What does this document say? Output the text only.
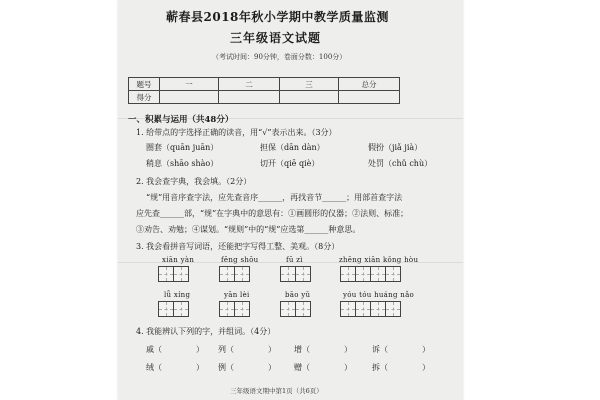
蕲春县2018年秋小学期中教学质量监测
三年级语文试题
（考试时间：90分钟，卷面分数：100分）
题号	一	二	三	总分
得分				
一、积累与运用（共48分）
1. 给带点的字选择正确的读音，用“√”表示出来。（3分）
圈套（quān juān）	担保（dān dàn）	假扮（jiǎ jià）
稍息（shāo shào）	切开（qiē qiè）	处罚（chǔ chù）
2. 我会查字典，我会填。（2分）
“规”用音序查字法，应先查音序______，再找音节______；用部首查字法
应先查______部，“规”在字典中的意思有：①画圆形的仪器；②法则、标准；
③劝告、劝勉；④谋划。“规则”中的“规”应选第______种意思。
3. 我会看拼音写词语，还能把字写得工整、美观。（8分）
xiān yàn	fēng shōu	fū zì	zhēng xiān kǒng hòu
lǚ xíng	yān lèi	bāo yǔ	yóu tóu huáng nǎo
4. 我能辨认下列的字，并组词。（4分）
戚（	） 列（	） 增（	）	诉（	）
绒（	） 例（	） 赠（	）	拆（	）
三年级语文期中第1页（共6页）
